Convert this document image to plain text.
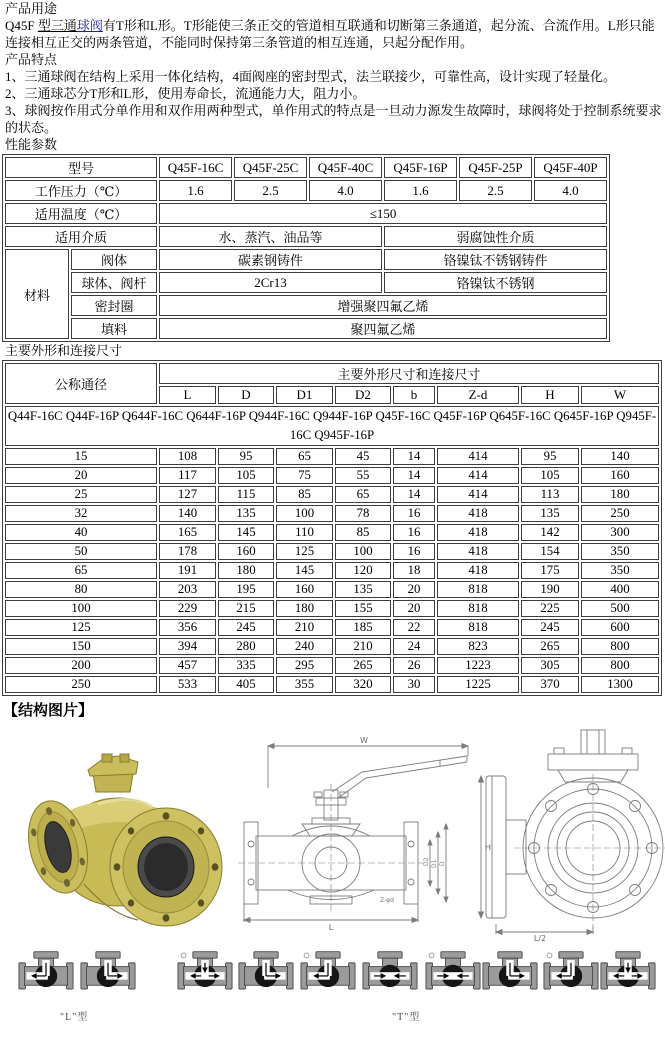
产品用途
Q45F 型三通球阀有T形和L形。T形能使三条正交的管道相互联通和切断第三条通道，起分流、合流作用。L形只能连接相互正交的两条管道，不能同时保持第三条管道的相互连通，只起分配作用。
产品特点
1、三通球阀在结构上采用一体化结构，4面阀座的密封型式，法兰联接少，可靠性高，设计实现了轻量化。
2、三通球芯分T形和L形，使用寿命长，流通能力大，阻力小。
3、球阀按作用式分单作用和双作用两种型式，单作用式的特点是一旦动力源发生故障时，球阀将处于控制系统要求的状态。
性能参数
型号		Q45F-16C	Q45F-25C	Q45F-40C	Q45F-16P	Q45F-25P	Q45F-40P
工作压力（℃）		1.6	2.5	4.0	1.6	2.5	4.0
适用温度（℃）		≤150					
适用介质		水、蒸汽、油品等			弱腐蚀性介质		
材料	阀体	碳素钢铸件			铬镍钛不锈钢铸件		
	球体、阀杆	2Cr13			铬镍钛不锈钢		
	密封圈	增强聚四氟乙烯					
	填料	聚四氟乙烯					
主要外形和连接尺寸
公称通径	主要外形尺寸和连接尺寸							
	L	D	D1	D2	b	Z-d	H	W
Q44F-16C Q44F-16P Q644F-16C Q644F-16P Q944F-16C Q944F-16P Q45F-16C Q45F-16P Q645F-16C Q645F-16P Q945F-16C Q945F-16P								
15	108	95	65	45	14	414	95	140
20	117	105	75	55	14	414	105	160
25	127	115	85	65	14	414	113	180
32	140	135	100	78	16	418	135	250
40	165	145	110	85	16	418	142	300
50	178	160	125	100	16	418	154	350
65	191	180	145	120	18	418	175	350
80	203	195	160	135	20	818	190	400
100	229	215	180	155	20	818	225	500
125	356	245	210	185	22	818	245	600
150	394	280	240	210	24	823	265	800
200	457	335	295	265	26	1223	305	800
250	533	405	355	320	30	1225	370	1300
【结构图片】
W
L
D2 D1 D
Z-φd
H
L/2
"L"型	"T"型
